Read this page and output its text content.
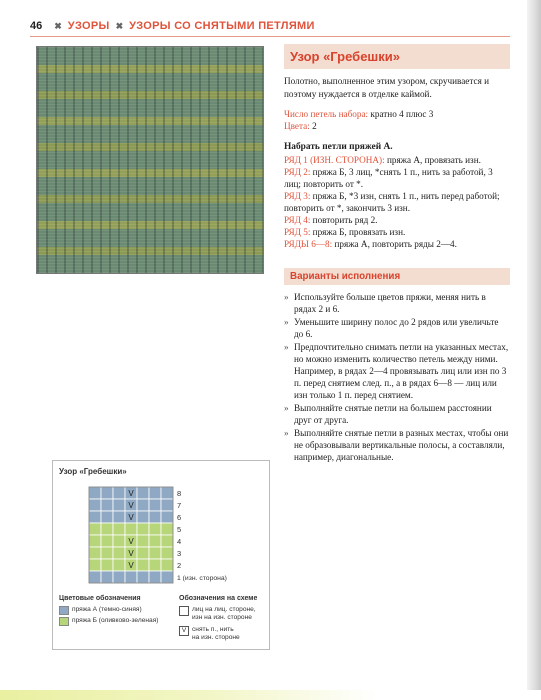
46 ✖ УЗОРЫ ✖ УЗОРЫ СО СНЯТЫМИ ПЕТЛЯМИ
Узор «Гребешки»

Полотно, выполненное этим узором, скручивается и поэтому нуждается в отделке каймой.

Число петель набора: кратно 4 плюс 3
Цвета: 2
Набрать петли пряжей А.
РЯД 1 (ИЗН. СТОРОНА): пряжа А, провязать изн.
РЯД 2: пряжа Б, 3 лиц, *снять 1 п., нить за работой, 3 лиц; повторить от *.
РЯД 3: пряжа Б, *3 изн, снять 1 п., нить перед работой; повторить от *, закончить 3 изн.
РЯД 4: повторить ряд 2.
РЯД 5: пряжа Б, провязать изн.
РЯДЫ 6—8: пряжа А, повторить ряды 2—4.
Варианты исполнения
» Используйте больше цветов пряжи, меняя нить в рядах 2 и 6.
» Уменьшите ширину полос до 2 рядов или увеличьте до 6.
» Предпочтительно снимать петли на указанных местах, но можно изменить количество петель между ними. Например, в рядах 2—4 провязывать лиц или изн по 3 п. перед снятием след. п., а в рядах 6—8 — лиц или изн только 1 п. перед снятием.
» Выполняйте снятые петли на большем расстоянии друг от друга.
» Выполняйте снятые петли в разных местах, чтобы они не образовывали вертикальные полосы, а составляли, например, диагональные.
Узор «Гребешки»
V	8
V	7
V	6
5
V	4
V	3
V	2
1 (изн. сторона)
Цветовые обозначения
пряжа А (темно-синяя)
пряжа Б (оливково-зеленая)
Обозначения на схеме
лиц на лиц. стороне,
изн на изн. стороне
V снять п., нить
на изн. стороне
